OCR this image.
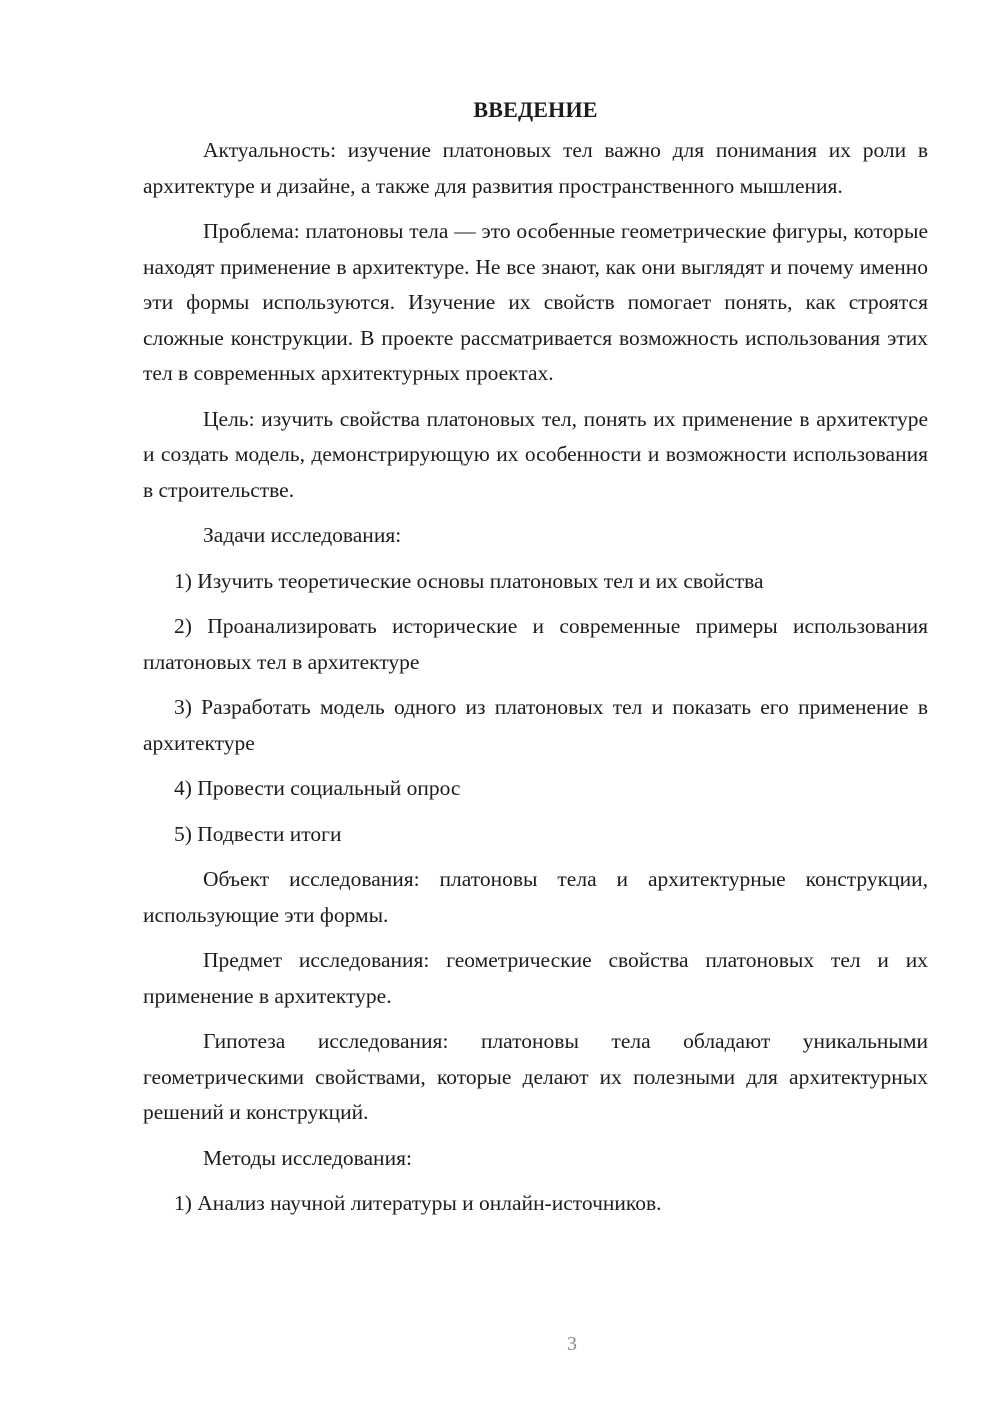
ВВЕДЕНИЕ

Актуальность: изучение платоновых тел важно для понимания их роли в архитектуре и дизайне, а также для развития пространственного мышления.

Проблема: платоновы тела — это особенные геометрические фигуры, которые находят применение в архитектуре. Не все знают, как они выглядят и почему именно эти формы используются. Изучение их свойств помогает понять, как строятся сложные конструкции. В проекте рассматривается возможность использования этих тел в современных архитектурных проектах.

Цель: изучить свойства платоновых тел, понять их применение в архитектуре и создать модель, демонстрирующую их особенности и возможности использования в строительстве.

Задачи исследования:

1) Изучить теоретические основы платоновых тел и их свойства

2) Проанализировать исторические и современные примеры использования платоновых тел в архитектуре

3) Разработать модель одного из платоновых тел и показать его применение в архитектуре

4) Провести социальный опрос

5) Подвести итоги

Объект исследования: платоновы тела и архитектурные конструкции, использующие эти формы.

Предмет исследования: геометрические свойства платоновых тел и их применение в архитектуре.

Гипотеза исследования: платоновы тела обладают уникальными геометрическими свойствами, которые делают их полезными для архитектурных решений и конструкций.

Методы исследования:

1) Анализ научной литературы и онлайн-источников.

3
